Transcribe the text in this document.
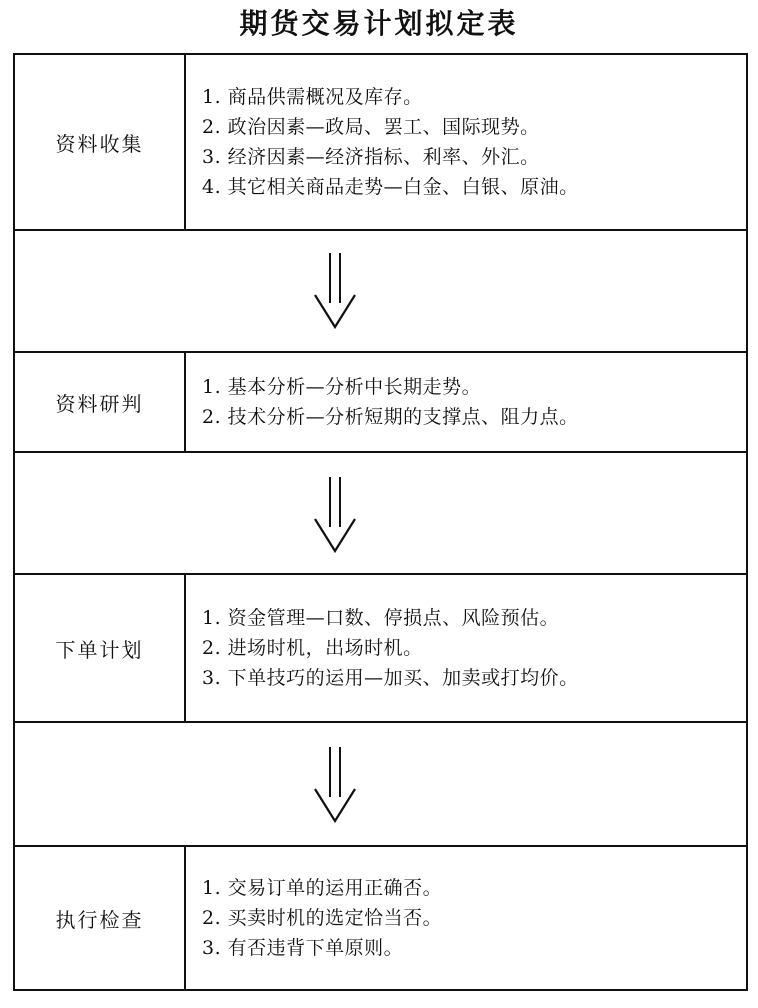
期货交易计划拟定表
资料收集
1. 商品供需概况及库存。
2. 政治因素—政局、罢工、国际现势。
3. 经济因素—经济指标、利率、外汇。
4. 其它相关商品走势—白金、白银、原油。
资料研判
1. 基本分析—分析中长期走势。
2. 技术分析—分析短期的支撑点、阻力点。
下单计划
1. 资金管理—口数、停损点、风险预估。
2. 进场时机，出场时机。
3. 下单技巧的运用—加买、加卖或打均价。
执行检查
1. 交易订单的运用正确否。
2. 买卖时机的选定恰当否。
3. 有否违背下单原则。
